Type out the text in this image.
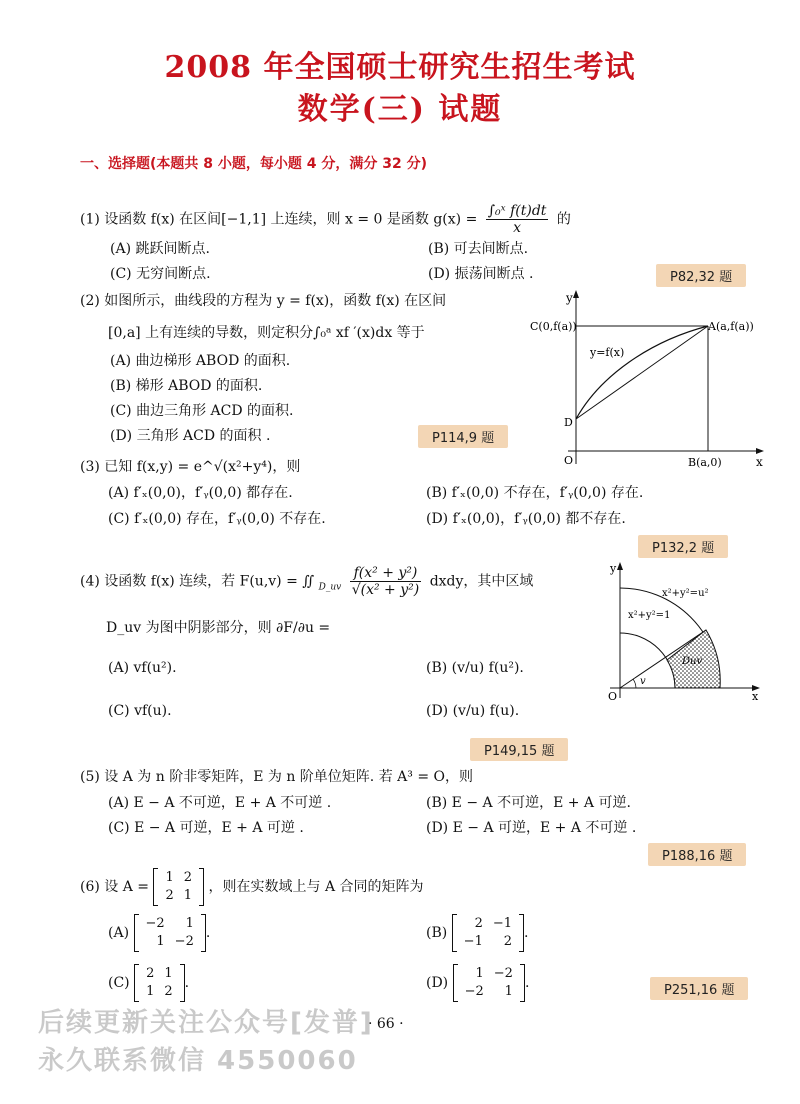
2008 年全国硕士研究生招生考试
数学(三) 试题
一、选择题(本题共 8 小题，每小题 4 分，满分 32 分)
(1) 设函数 f(x) 在区间[−1,1] 上连续，则 x = 0 是函数 $g(x) = \frac{\text{∫₀ˣ f(t)dt}}{x}$ 的
(A) 跳跃间断点.	(B) 可去间断点.
(C) 无穷间断点.	(D) 振荡间断点 .	P82,32 题
(2) 如图所示，曲线段的方程为 y = f(x)，函数 f(x) 在区间
[0,a] 上有连续的导数，则定积分∫₀ᵃ xf ′(x)dx 等于
(A) 曲边梯形 ABOD 的面积.
(B) 梯形 ABOD 的面积.
(C) 曲边三角形 ACD 的面积.
(D) 三角形 ACD 的面积 .	P114,9 题
y
x
C(0,f(a))	A(a,f(a))
y=f(x)
D
O	B(a,0)
(3) 已知 f(x,y) = e^√(x²+y⁴)，则
(A) f′ₓ(0,0)，f′ᵧ(0,0) 都存在.	(B) f′ₓ(0,0) 不存在，f′ᵧ(0,0) 存在.
(C) f′ₓ(0,0) 存在，f′ᵧ(0,0) 不存在.	(D) f′ₓ(0,0)，f′ᵧ(0,0) 都不存在.
P132,2 题
(4) 设函数 f(x) 连续，若 F(u,v) = ∬ $_{D\_uv} \frac{\text{f(x² + y²)}}{\text{√(x² + y²)}}$ dxdy，其中区域
D_uv 为图中阴影部分，则 ∂F/∂u =
(A) vf(u²).	(B) (v/u) f(u²).
(C) vf(u).	(D) (v/u) f(u).
P149,15 题
y
x
x²+y²=u²
x²+y²=1
Duv
v
O
(5) 设 A 为 n 阶非零矩阵，E 为 n 阶单位矩阵. 若 A³ = O，则
(A) E − A 不可逆，E + A 不可逆 .	(B) E − A 不可逆，E + A 可逆.
(C) E − A 可逆，E + A 可逆 .	(D) E − A 可逆，E + A 不可逆 .
P188,16 题
(6) 设 A =
1	2
2	1
，则在实数域上与 A 合同的矩阵为
(A)
−2	1
1	−2
.	(B)
2	−1
−1	2
.
(C)
2	1
1	2
.	(D)
1	−2
−2	1
.	P251,16 题
· 66 ·
后续更新关注公众号[发普]
永久联系微信 4550060
